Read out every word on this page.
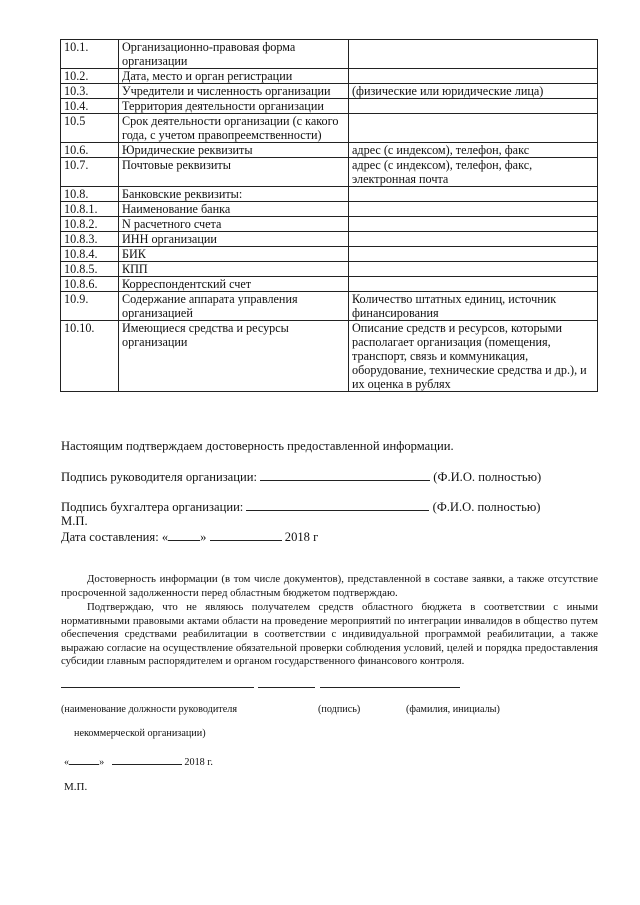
10.1.	Организационно-правовая форма организации	
10.2.	Дата, место и орган регистрации	
10.3.	Учредители и численность организации	(физические или юридические лица)
10.4.	Территория деятельности организации	
10.5	Срок деятельности организации (с какого года, с учетом правопреемственности)	
10.6.	Юридические реквизиты	адрес (с индексом), телефон, факс
10.7.	Почтовые реквизиты	адрес (с индексом), телефон, факс, электронная почта
10.8.	Банковские реквизиты:	
10.8.1.	Наименование банка	
10.8.2.	N расчетного счета	
10.8.3.	ИНН организации	
10.8.4.	БИК	
10.8.5.	КПП	
10.8.6.	Корреспондентский счет	
10.9.	Содержание аппарата управления организацией	Количество штатных единиц, источник финансирования
10.10.	Имеющиеся средства и ресурсы организации	Описание средств и ресурсов, которыми располагает организация (помещения, транспорт, связь и коммуникация, оборудование, технические средства и др.), и их оценка в рублях
Настоящим подтверждаем достоверность предоставленной информации.
Подпись руководителя организации:	(Ф.И.О. полностью)
Подпись бухгалтера организации:	(Ф.И.О. полностью)
М.П.
Дата составления: «	»	2018 г
Достоверность информации (в том числе документов), представленной в составе заявки, а также отсутствие просроченной задолженности перед областным бюджетом подтверждаю.
Подтверждаю, что не являюсь получателем средств областного бюджета в соответствии с иными нормативными правовыми актами области на проведение мероприятий по интеграции инвалидов в общество путем обеспечения средствами реабилитации в соответствии с индивидуальной программой реабилитации, а также выражаю согласие на осуществление обязательной проверки соблюдения условий, целей и порядка предоставления субсидии главным распорядителем и органом государственного финансового контроля.
(наименование должности руководителя	(подпись)	(фамилия, инициалы)
некоммерческой организации)
«	»	2018 г.
М.П.
